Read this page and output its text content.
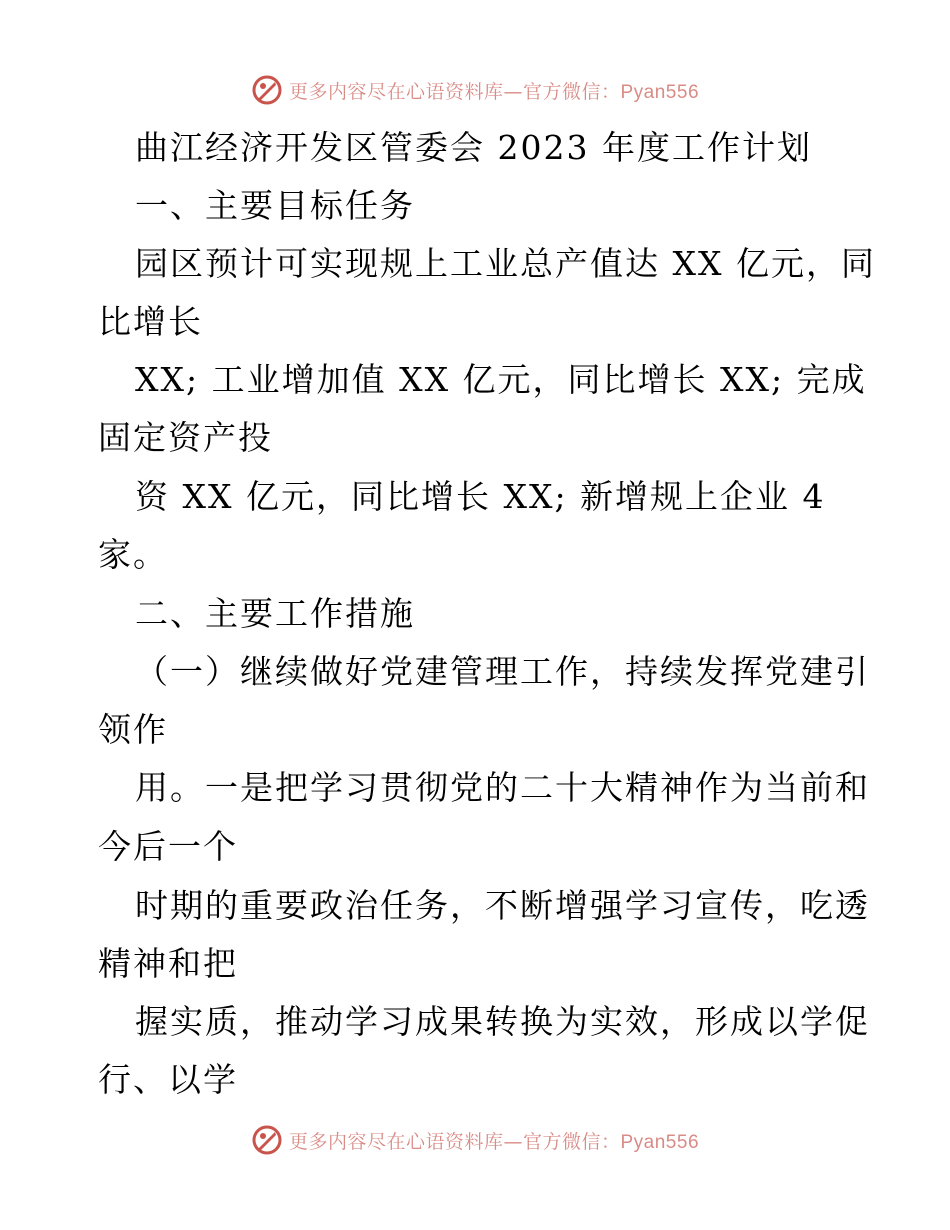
更多内容尽在心语资料库—官方微信：Pyan556
曲江经济开发区管委会 2023 年度工作计划
一、主要目标任务
园区预计可实现规上工业总产值达 XX 亿元，同
比增长
XX; 工业增加值 XX 亿元，同比增长 XX; 完成
固定资产投
资 XX 亿元，同比增长 XX; 新增规上企业 4
家。
二、主要工作措施
（一）继续做好党建管理工作，持续发挥党建引
领作
用。一是把学习贯彻党的二十大精神作为当前和
今后一个
时期的重要政治任务，不断增强学习宣传，吃透
精神和把
握实质，推动学习成果转换为实效，形成以学促
行、以学
更多内容尽在心语资料库—官方微信：Pyan556
